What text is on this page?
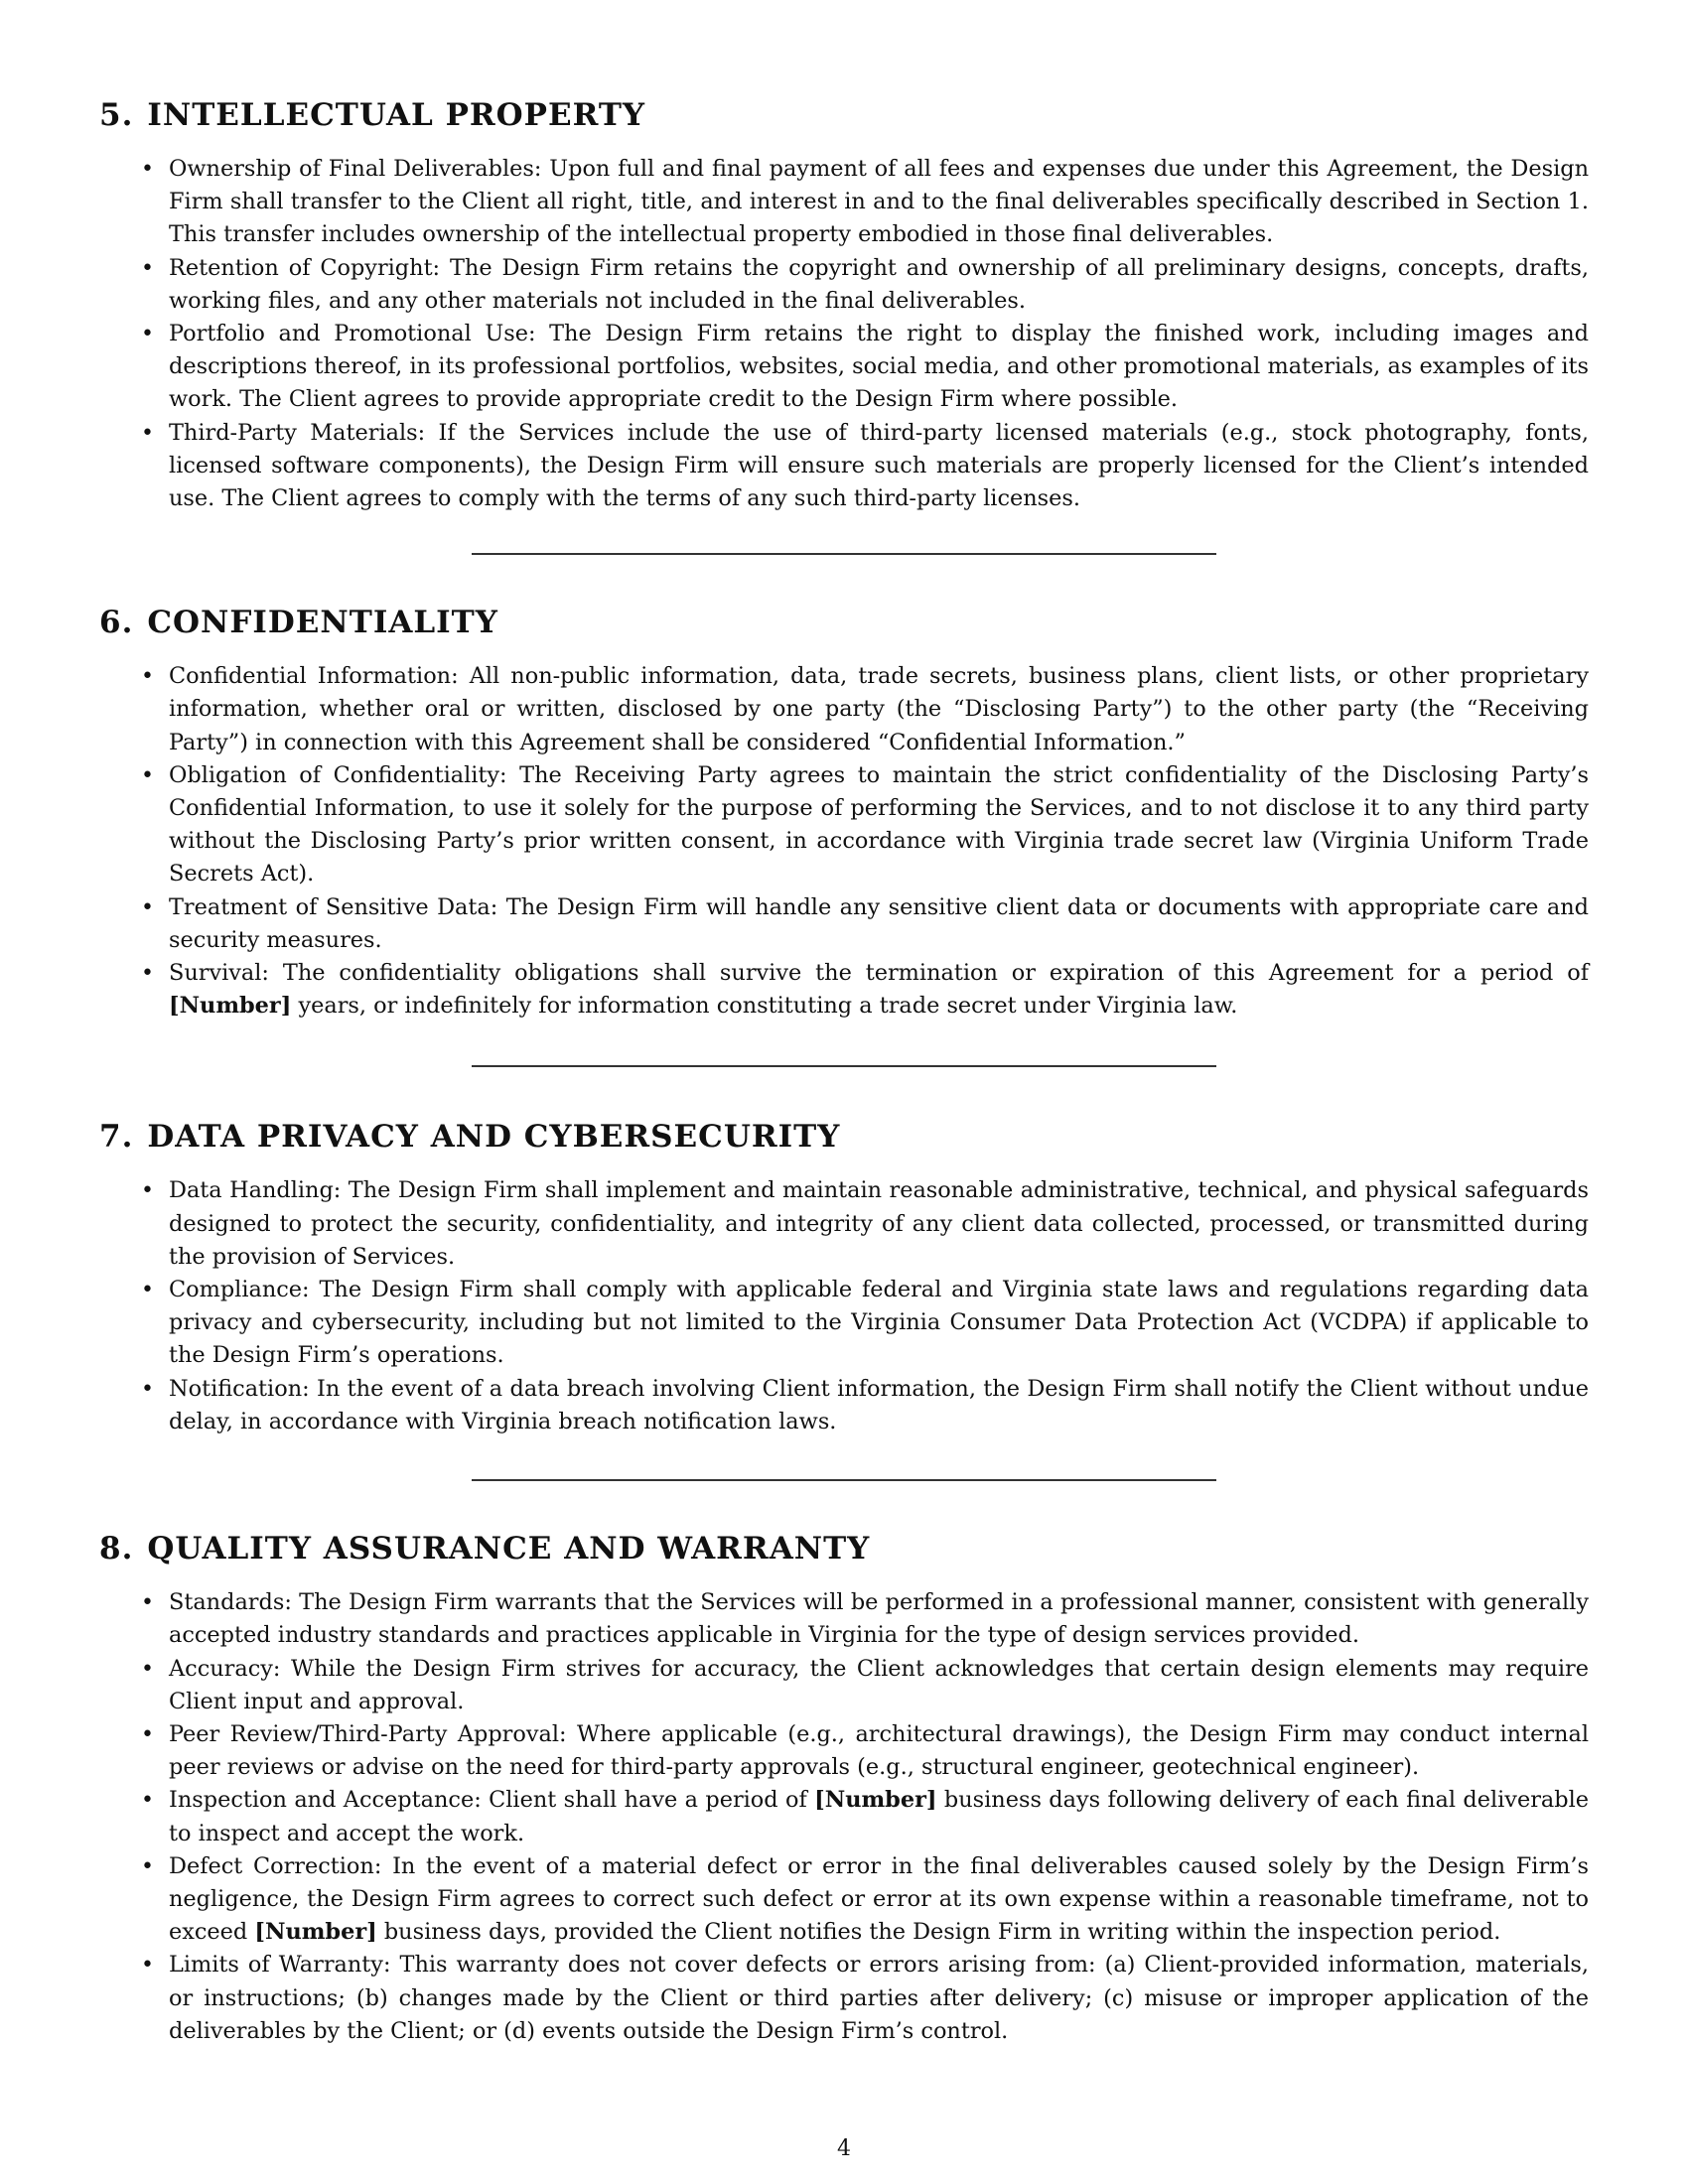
5. INTELLECTUAL PROPERTY
• Ownership of Final Deliverables: Upon full and final payment of all fees and expenses due under this Agreement, the Design Firm shall transfer to the Client all right, title, and interest in and to the final deliverables specifically described in Section 1. This transfer includes ownership of the intellectual property embodied in those final deliverables.
• Retention of Copyright: The Design Firm retains the copyright and ownership of all preliminary designs, concepts, drafts, working files, and any other materials not included in the final deliverables.
• Portfolio and Promotional Use: The Design Firm retains the right to display the finished work, including images and descriptions thereof, in its professional portfolios, websites, social media, and other promotional materials, as examples of its work. The Client agrees to provide appropriate credit to the Design Firm where possible.
• Third-Party Materials: If the Services include the use of third-party licensed materials (e.g., stock photography, fonts, licensed software components), the Design Firm will ensure such materials are properly licensed for the Client’s intended use. The Client agrees to comply with the terms of any such third-party licenses.
6. CONFIDENTIALITY
• Confidential Information: All non-public information, data, trade secrets, business plans, client lists, or other proprietary information, whether oral or written, disclosed by one party (the “Disclosing Party”) to the other party (the “Receiving Party”) in connection with this Agreement shall be considered “Confidential Information.”
• Obligation of Confidentiality: The Receiving Party agrees to maintain the strict confidentiality of the Disclosing Party’s Confidential Information, to use it solely for the purpose of performing the Services, and to not disclose it to any third party without the Disclosing Party’s prior written consent, in accordance with Virginia trade secret law (Virginia Uniform Trade Secrets Act).
• Treatment of Sensitive Data: The Design Firm will handle any sensitive client data or documents with appropriate care and security measures.
• Survival: The confidentiality obligations shall survive the termination or expiration of this Agreement for a period of [Number] years, or indefinitely for information constituting a trade secret under Virginia law.
7. DATA PRIVACY AND CYBERSECURITY
• Data Handling: The Design Firm shall implement and maintain reasonable administrative, technical, and physical safeguards designed to protect the security, confidentiality, and integrity of any client data collected, processed, or transmitted during the provision of Services.
• Compliance: The Design Firm shall comply with applicable federal and Virginia state laws and regulations regarding data privacy and cybersecurity, including but not limited to the Virginia Consumer Data Protection Act (VCDPA) if applicable to the Design Firm’s operations.
• Notification: In the event of a data breach involving Client information, the Design Firm shall notify the Client without undue delay, in accordance with Virginia breach notification laws.
8. QUALITY ASSURANCE AND WARRANTY
• Standards: The Design Firm warrants that the Services will be performed in a professional manner, consistent with generally accepted industry standards and practices applicable in Virginia for the type of design services provided.
• Accuracy: While the Design Firm strives for accuracy, the Client acknowledges that certain design elements may require Client input and approval.
• Peer Review/Third-Party Approval: Where applicable (e.g., architectural drawings), the Design Firm may conduct internal peer reviews or advise on the need for third-party approvals (e.g., structural engineer, geotechnical engineer).
• Inspection and Acceptance: Client shall have a period of [Number] business days following delivery of each final deliverable to inspect and accept the work.
• Defect Correction: In the event of a material defect or error in the final deliverables caused solely by the Design Firm’s negligence, the Design Firm agrees to correct such defect or error at its own expense within a reasonable timeframe, not to exceed [Number] business days, provided the Client notifies the Design Firm in writing within the inspection period.
• Limits of Warranty: This warranty does not cover defects or errors arising from: (a) Client-provided information, materials, or instructions; (b) changes made by the Client or third parties after delivery; (c) misuse or improper application of the deliverables by the Client; or (d) events outside the Design Firm’s control.
4
